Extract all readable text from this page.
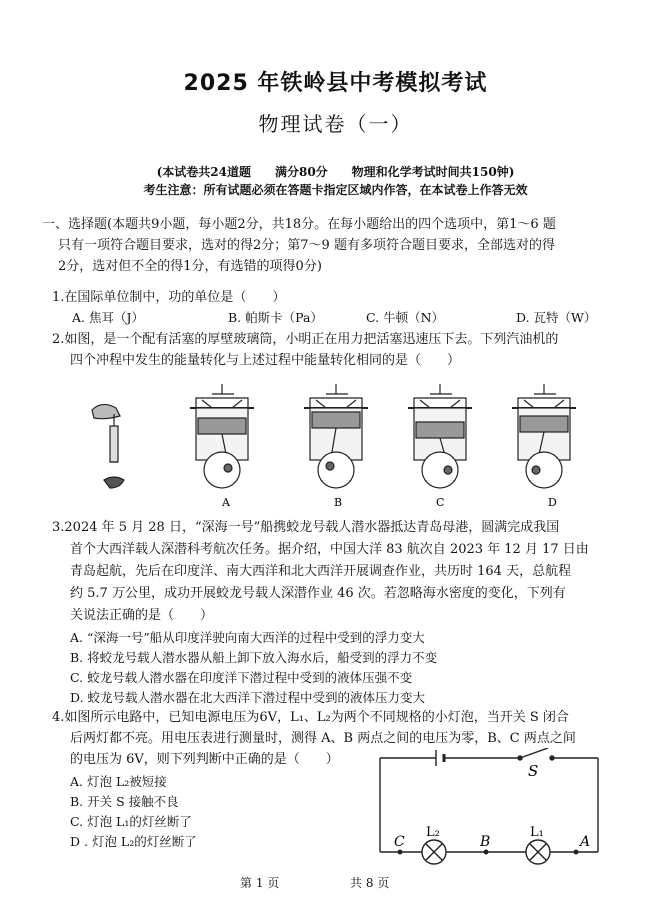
2025 年铁岭县中考模拟考试
物理试卷（一）
(本试卷共24道题　　满分80分　　物理和化学考试时间共150钟)
考生注意：所有试题必须在答题卡指定区域内作答，在本试卷上作答无效
一、选择题(本题共9小题，每小题2分，共18分。在每小题给出的四个选项中，第1～6 题
只有一项符合题目要求，选对的得2分；第7～9 题有多项符合题目要求，全部选对的得
2分，选对但不全的得1分，有选错的项得0分)
1.在国际单位制中，功的单位是（　　）
A. 焦耳（J）	B. 帕斯卡（Pa）	C. 牛顿（N）	D. 瓦特（W）
2.如图，是一个配有活塞的厚壁玻璃筒，小明正在用力把活塞迅速压下去。下列汽油机的
四个冲程中发生的能量转化与上述过程中能量转化相同的是（　　）
A	B	C	D
3.2024 年 5 月 28 日，“深海一号”船携蛟龙号载人潜水器抵达青岛母港，圆满完成我国
首个大西洋载人深潜科考航次任务。据介绍，中国大洋 83 航次自 2023 年 12 月 17 日由
青岛起航，先后在印度洋、南大西洋和北大西洋开展调查作业，共历时 164 天，总航程
约 5.7 万公里，成功开展蛟龙号载人深潜作业 46 次。若忽略海水密度的变化，下列有
关说法正确的是（　　）
A. “深海一号”船从印度洋驶向南大西洋的过程中受到的浮力变大
B. 将蛟龙号载人潜水器从船上卸下放入海水后，船受到的浮力不变
C. 蛟龙号载人潜水器在印度洋下潜过程中受到的液体压强不变
D. 蛟龙号载人潜水器在北大西洋下潜过程中受到的液体压力变大
4.如图所示电路中，已知电源电压为6V，L₁、L₂为两个不同规格的小灯泡，当开关 S 闭合
后两灯都不亮。用电压表进行测量时，测得 A、B 两点之间的电压为零，B、C 两点之间
的电压为 6V，则下列判断中正确的是（　　）
A. 灯泡 L₂被短接
B. 开关 S 接触不良
C. 灯泡 L₁的灯丝断了
D . 灯泡 L₂的灯丝断了
S
C	B	A
L₂	L₁
第 1 页	共 8 页
